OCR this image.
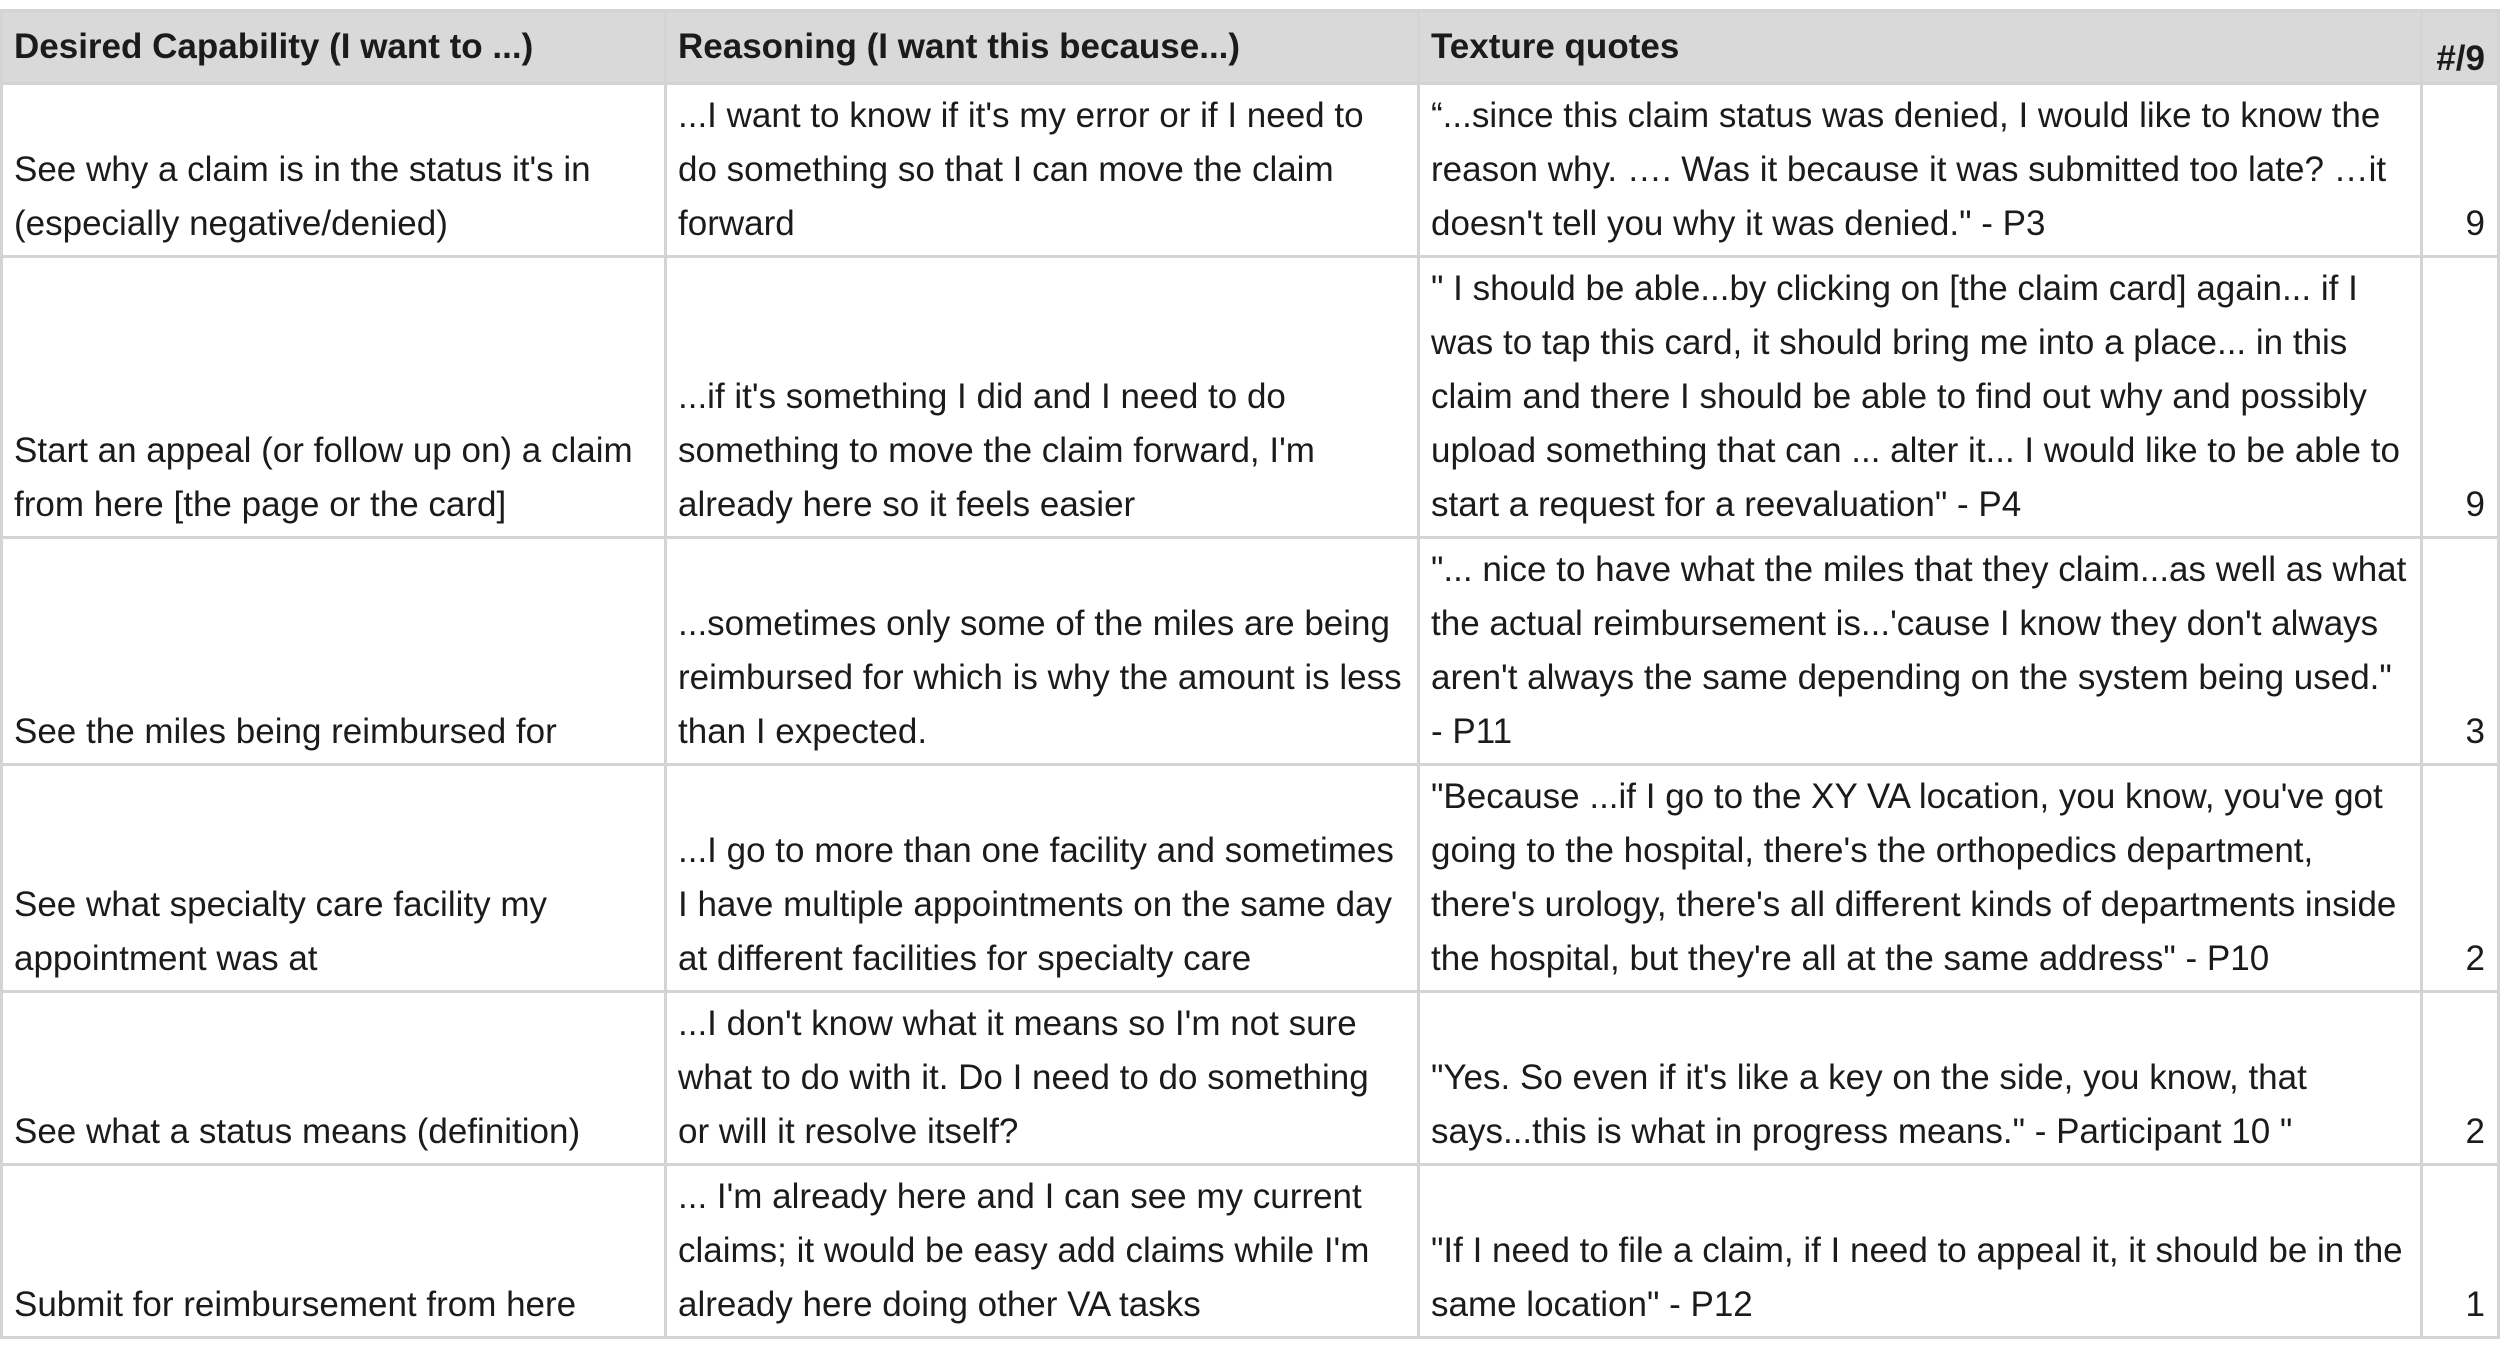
Desired Capability (I want to ...)	Reasoning (I want this because...)	Texture quotes	#/9
See why a claim is in the status it's in (especially negative/denied)	...I want to know if it's my error or if I need to do something so that I can move the claim forward	“...since this claim status was denied, I would like to know the reason why. …. Was it because it was submitted too late? …it doesn't tell you why it was denied." - P3	9
Start an appeal (or follow up on) a claim from here [the page or the card]	...if it's something I did and I need to do something to move the claim forward, I'm already here so it feels easier	" I should be able...by clicking on [the claim card] again... if I was to tap this card, it should bring me into a place... in this claim and there I should be able to find out why and possibly upload something that can ... alter it... I would like to be able to start a request for a reevaluation" - P4	9
See the miles being reimbursed for	...sometimes only some of the miles are being reimbursed for which is why the amount is less than I expected.	"... nice to have what the miles that they claim...as well as what the actual reimbursement is...'cause I know they don't always aren't always the same depending on the system being used." - P11	3
See what specialty care facility my appointment was at	...I go to more than one facility and sometimes I have multiple appointments on the same day at different facilities for specialty care	"Because ...if I go to the XY VA location, you know, you've got going to the hospital, there's the orthopedics department, there's urology, there's all different kinds of departments inside the hospital, but they're all at the same address" - P10	2
See what a status means (definition)	...I don't know what it means so I'm not sure what to do with it. Do I need to do something or will it resolve itself?	"Yes. So even if it's like a key on the side, you know, that says...this is what in progress means." - Participant 10 "	2
Submit for reimbursement from here	... I'm already here and I can see my current claims; it would be easy add claims while I'm already here doing other VA tasks	"If I need to file a claim, if I need to appeal it, it should be in the same location" - P12	1
